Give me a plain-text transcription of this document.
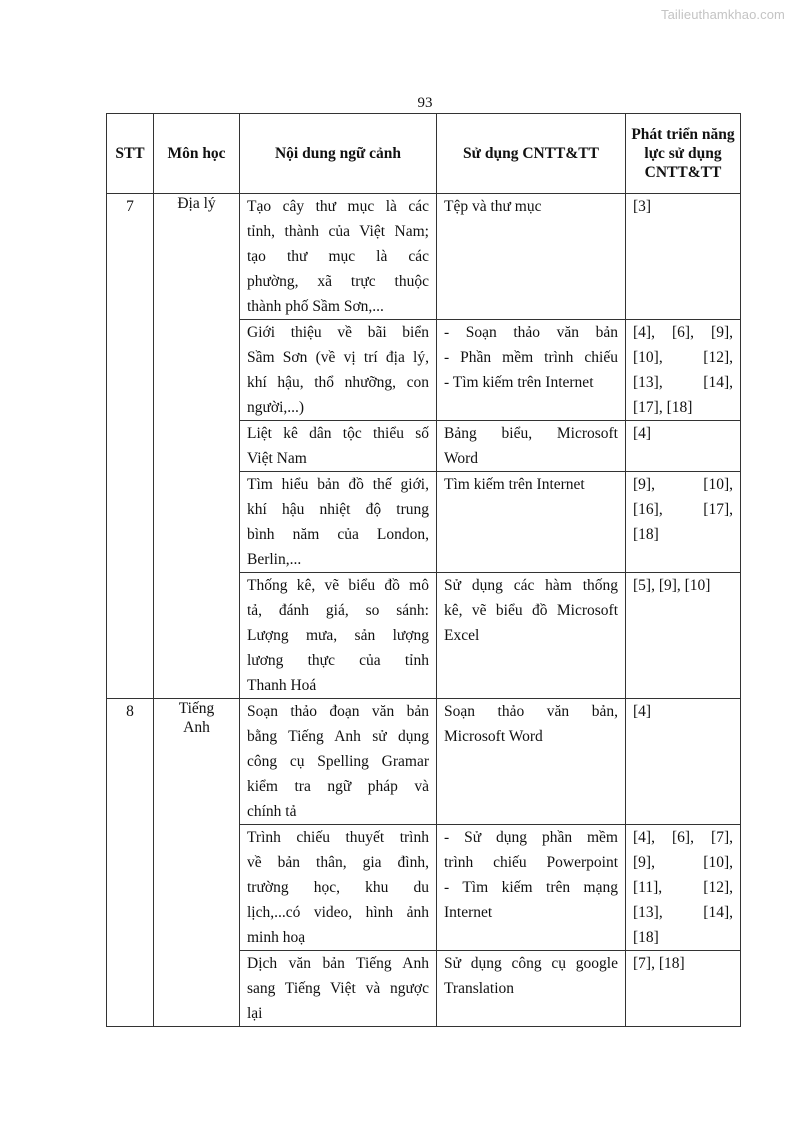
Tailieuthamkhao.com
93
STT	Môn học	Nội dung ngữ cảnh	Sử dụng CNTT&TT	Phát triển năng lực sử dụng CNTT&TT
7	Địa lý	Tạo cây thư mục là các
tỉnh, thành của Việt Nam;
tạo thư mục là các
phường, xã trực thuộc
thành phố Sầm Sơn,...	Tệp và thư mục	[3]

		Giới thiệu về bãi biển
Sầm Sơn (về vị trí địa lý,
khí hậu, thổ nhưỡng, con
người,...)	- Soạn thảo văn bản
- Phần mềm trình chiếu
- Tìm kiếm trên Internet	[4], [6], [9],
[10], [12],
[13], [14],
[17], [18]

		Liệt kê dân tộc thiểu số
Việt Nam	Bảng biểu, Microsoft
Word	[4]

		Tìm hiểu bản đồ thế giới,
khí hậu nhiệt độ trung
bình năm của London,
Berlin,...	Tìm kiếm trên Internet	[9], [10],
[16], [17],
[18]

		Thống kê, vẽ biểu đồ mô
tả, đánh giá, so sánh:
Lượng mưa, sản lượng
lương thực của tỉnh
Thanh Hoá	Sử dụng các hàm thống
kê, vẽ biểu đồ Microsoft
Excel	[5], [9], [10]

8	Tiếng
Anh	Soạn thảo đoạn văn bản
bằng Tiếng Anh sử dụng
công cụ Spelling Gramar
kiểm tra ngữ pháp và
chính tả	Soạn thảo văn bản,
Microsoft Word	[4]

		Trình chiếu thuyết trình
về bản thân, gia đình,
trường học, khu du
lịch,...có video, hình ảnh
minh hoạ	- Sử dụng phần mềm
trình chiếu Powerpoint
- Tìm kiếm trên mạng
Internet	[4], [6], [7],
[9], [10],
[11], [12],
[13], [14],
[18]

		Dịch văn bản Tiếng Anh
sang Tiếng Việt và ngược
lại	Sử dụng công cụ google
Translation	[7], [18]
